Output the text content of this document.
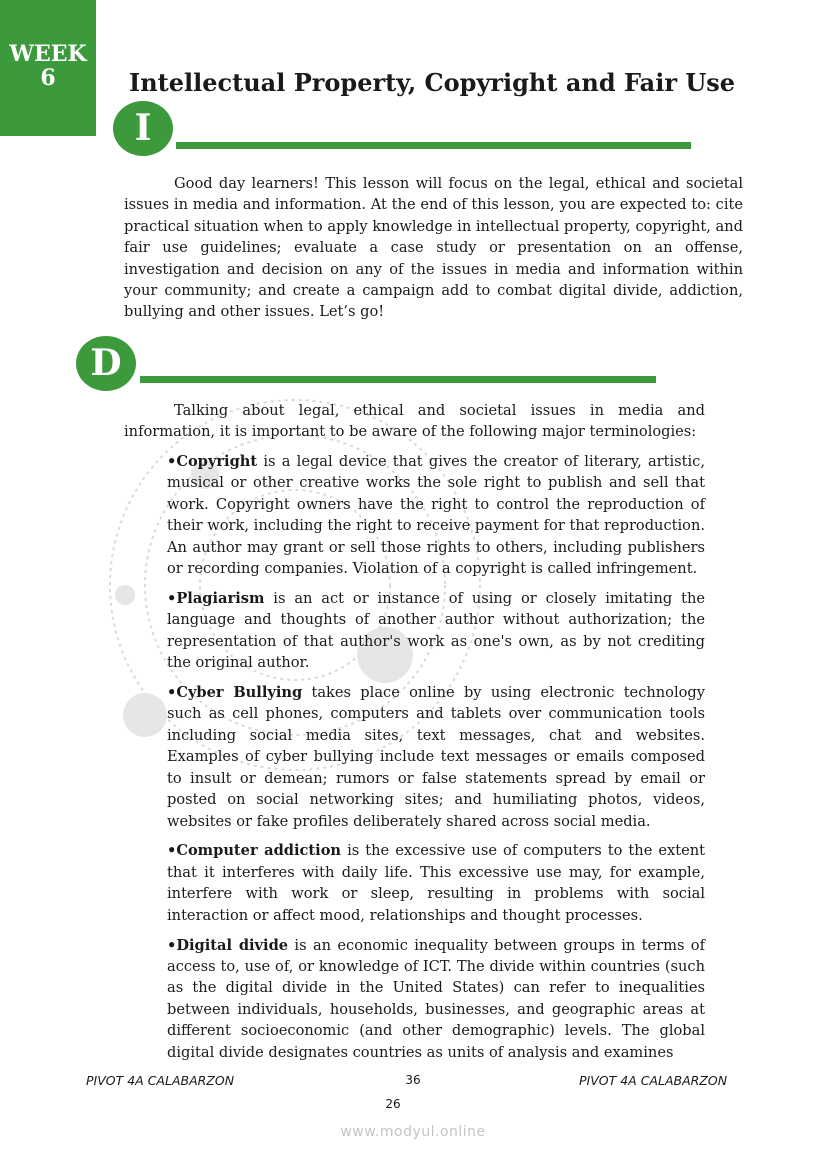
WEEK
6	Intellectual Property, Copyright and Fair Use
I

Good day learners! This lesson will focus on the legal, ethical and societal issues in media and information. At the end of this lesson, you are expected to: cite practical situation when to apply knowledge in intellectual property, copyright, and fair use guidelines; evaluate a case study or presentation on an offense, investigation and decision on any of the issues in media and information within your community; and create a campaign add to combat digital divide, addiction, bullying and other issues. Let’s go!

D

Talking about legal, ethical and societal issues in media and information, it is important to be aware of the following major terminologies:

•Copyright is a legal device that gives the creator of literary, artistic, musical or other creative works the sole right to publish and sell that work. Copyright owners have the right to control the reproduction of their work, including the right to receive payment for that reproduction. An author may grant or sell those rights to others, including publishers or recording companies. Violation of a copyright is called infringement.

•Plagiarism is an act or instance of using or closely imitating the language and thoughts of another author without authorization; the representation of that author's work as one's own, as by not crediting the original author.

•Cyber Bullying takes place online by using electronic technology such as cell phones, computers and tablets over communication tools including social media sites, text messages, chat and websites. Examples of cyber bullying include text messages or emails composed to insult or demean; rumors or false statements spread by email or posted on social networking sites; and humiliating photos, videos, websites or fake profiles deliberately shared across social media.

•Computer addiction is the excessive use of computers to the extent that it interferes with daily life. This excessive use may, for example, interfere with work or sleep, resulting in problems with social interaction or affect mood, relationships and thought processes.

•Digital divide is an economic inequality between groups in terms of access to, use of, or knowledge of ICT. The divide within countries (such as the digital divide in the United States) can refer to inequalities between individuals, households, businesses, and geographic areas at different socioeconomic (and other demographic) levels. The global digital divide designates countries as units of analysis and examines

PIVOT 4A CALABARZON	36	PIVOT 4A CALABARZON
26
www.modyul.online
